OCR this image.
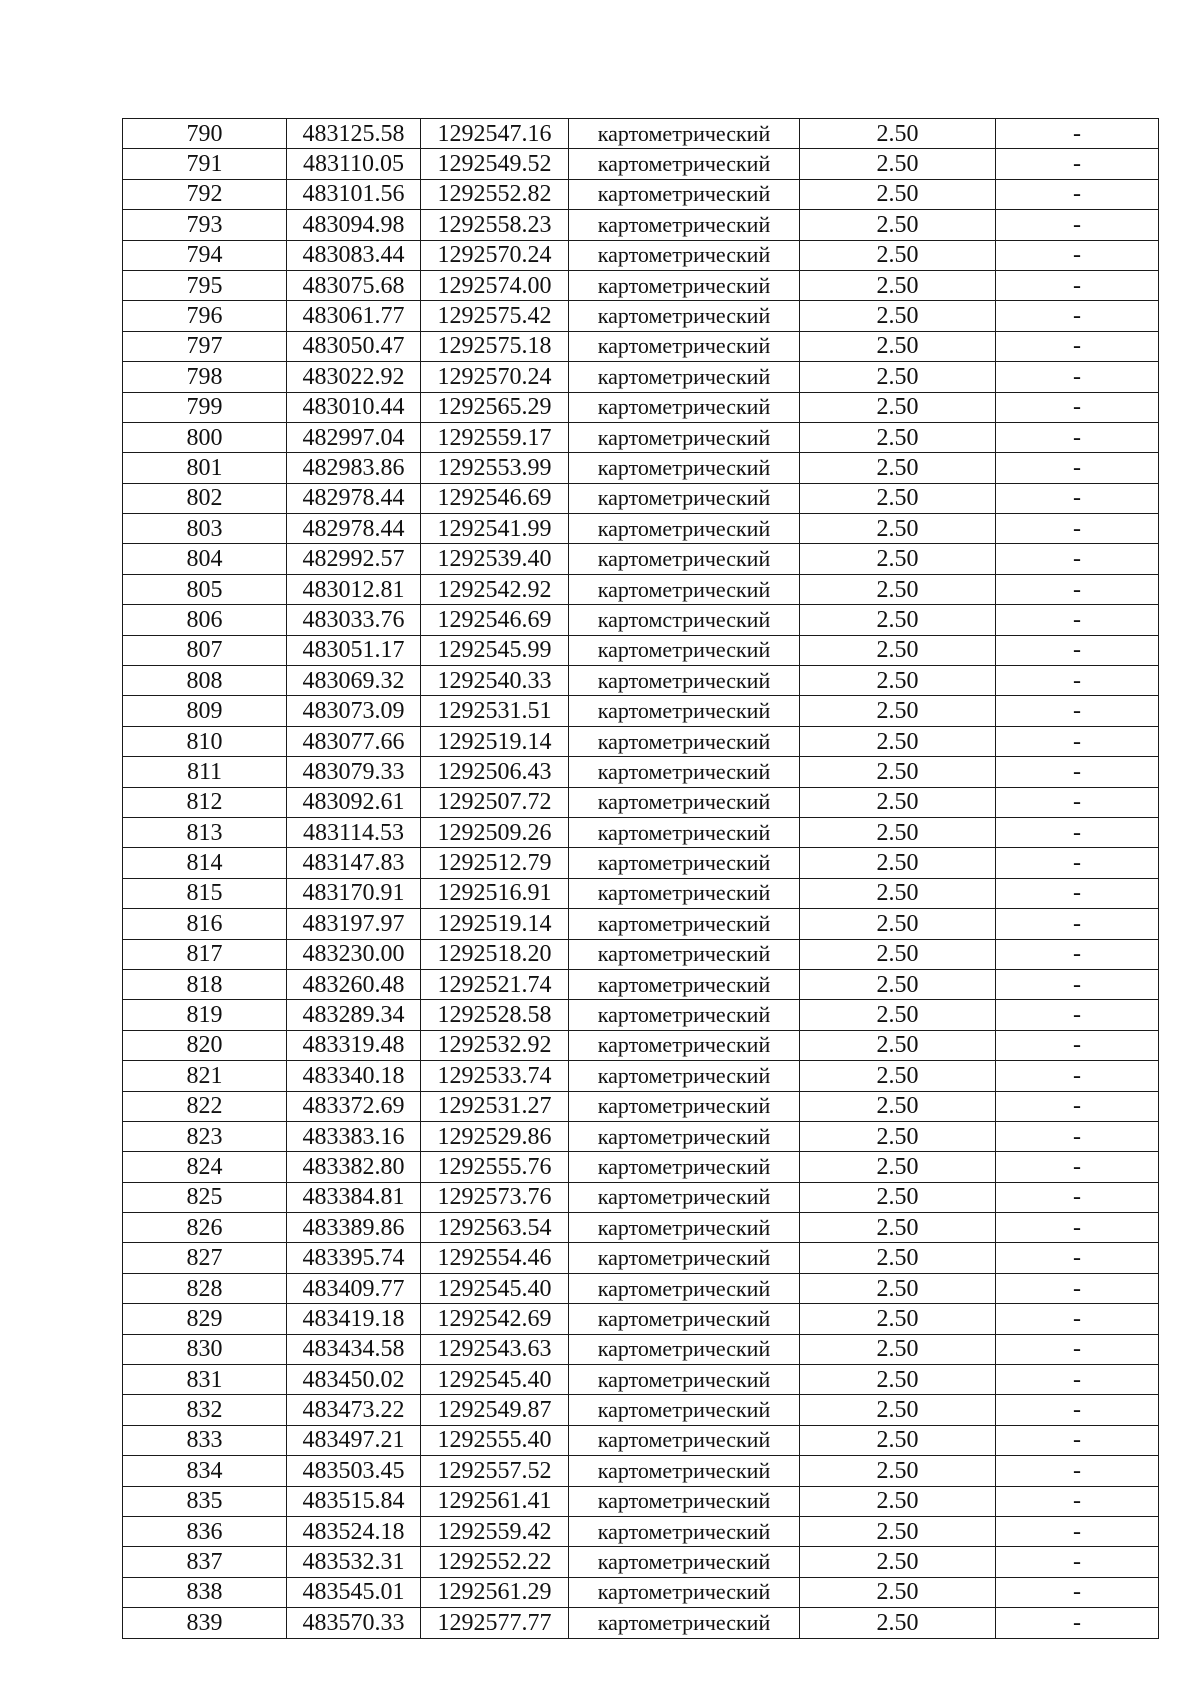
790	483125.58	1292547.16	картометрический	2.50	-
791	483110.05	1292549.52	картометрический	2.50	-
792	483101.56	1292552.82	картометрический	2.50	-
793	483094.98	1292558.23	картометрический	2.50	-
794	483083.44	1292570.24	картометрический	2.50	-
795	483075.68	1292574.00	картометрический	2.50	-
796	483061.77	1292575.42	картометрический	2.50	-
797	483050.47	1292575.18	картометрический	2.50	-
798	483022.92	1292570.24	картометрический	2.50	-
799	483010.44	1292565.29	картометрический	2.50	-
800	482997.04	1292559.17	картометрический	2.50	-
801	482983.86	1292553.99	картометрический	2.50	-
802	482978.44	1292546.69	картометрический	2.50	-
803	482978.44	1292541.99	картометрический	2.50	-
804	482992.57	1292539.40	картометрический	2.50	-
805	483012.81	1292542.92	картометрический	2.50	-
806	483033.76	1292546.69	картомстрический	2.50	-
807	483051.17	1292545.99	картометрический	2.50	-
808	483069.32	1292540.33	картометрический	2.50	-
809	483073.09	1292531.51	картометрический	2.50	-
810	483077.66	1292519.14	картометрический	2.50	-
811	483079.33	1292506.43	картометрический	2.50	-
812	483092.61	1292507.72	картометрический	2.50	-
813	483114.53	1292509.26	картометрический	2.50	-
814	483147.83	1292512.79	картометрический	2.50	-
815	483170.91	1292516.91	картометрический	2.50	-
816	483197.97	1292519.14	картометрический	2.50	-
817	483230.00	1292518.20	картометрический	2.50	-
818	483260.48	1292521.74	картометрический	2.50	-
819	483289.34	1292528.58	картометрический	2.50	-
820	483319.48	1292532.92	картометрический	2.50	-
821	483340.18	1292533.74	картометрический	2.50	-
822	483372.69	1292531.27	картометрический	2.50	-
823	483383.16	1292529.86	картометрический	2.50	-
824	483382.80	1292555.76	картометрический	2.50	-
825	483384.81	1292573.76	картометрический	2.50	-
826	483389.86	1292563.54	картометрический	2.50	-
827	483395.74	1292554.46	картометрический	2.50	-
828	483409.77	1292545.40	картометрический	2.50	-
829	483419.18	1292542.69	картометрический	2.50	-
830	483434.58	1292543.63	картометрический	2.50	-
831	483450.02	1292545.40	картометрический	2.50	-
832	483473.22	1292549.87	картометрический	2.50	-
833	483497.21	1292555.40	картометрический	2.50	-
834	483503.45	1292557.52	картометрический	2.50	-
835	483515.84	1292561.41	картометрический	2.50	-
836	483524.18	1292559.42	картометрический	2.50	-
837	483532.31	1292552.22	картометрический	2.50	-
838	483545.01	1292561.29	картометрический	2.50	-
839	483570.33	1292577.77	картометрический	2.50	-
